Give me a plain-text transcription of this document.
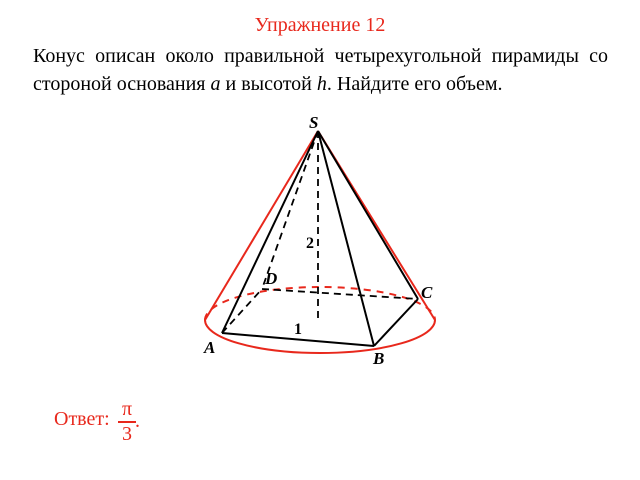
Упражнение 12
Конус описан около правильной четырехугольной пирамиды со стороной основания a и высотой h. Найдите его объем.
S
2
D
C
1
A
B
Ответ: π
3
.
